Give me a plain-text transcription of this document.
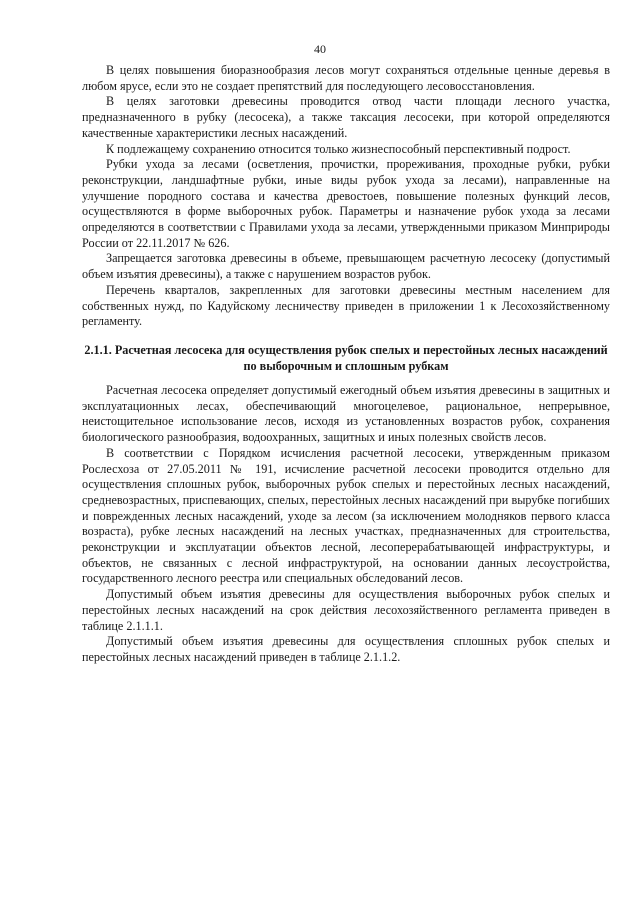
40

В целях повышения биоразнообразия лесов могут сохраняться отдельные ценные деревья в любом ярусе, если это не создает препятствий для последующего лесовосстановления.

В целях заготовки древесины проводится отвод части площади лесного участка, предназначенного в рубку (лесосека), а также таксация лесосеки, при которой определяются качественные характеристики лесных насаждений.

К подлежащему сохранению относится только жизнеспособный перспективный подрост.

Рубки ухода за лесами (осветления, прочистки, прореживания, проходные рубки, рубки реконструкции, ландшафтные рубки, иные виды рубок ухода за лесами), направленные на улучшение породного состава и качества древостоев, повышение полезных функций лесов, осуществляются в форме выборочных рубок. Параметры и назначение рубок ухода за лесами определяются в соответствии с Правилами ухода за лесами, утвержденными приказом Минприроды России от 22.11.2017 № 626.

Запрещается заготовка древесины в объеме, превышающем расчетную лесосеку (допустимый объем изъятия древесины), а также с нарушением возрастов рубок.

Перечень кварталов, закрепленных для заготовки древесины местным населением для собственных нужд, по Кадуйскому лесничеству приведен в приложении 1 к Лесохозяйственному регламенту.

2.1.1. Расчетная лесосека для осуществления рубок спелых и перестойных лесных насаждений по выборочным и сплошным рубкам

Расчетная лесосека определяет допустимый ежегодный объем изъятия древесины в защитных и эксплуатационных лесах, обеспечивающий многоцелевое, рациональное, непрерывное, неистощительное использование лесов, исходя из установленных возрастов рубок, сохранения биологического разнообразия, водоохранных, защитных и иных полезных свойств лесов.

В соответствии с Порядком исчисления расчетной лесосеки, утвержденным приказом Рослесхоза от 27.05.2011 № 191, исчисление расчетной лесосеки проводится отдельно для осуществления сплошных рубок, выборочных рубок спелых и перестойных лесных насаждений, средневозрастных, приспевающих, спелых, перестойных лесных насаждений при вырубке погибших и поврежденных лесных насаждений, уходе за лесом (за исключением молодняков первого класса возраста), рубке лесных насаждений на лесных участках, предназначенных для строительства, реконструкции и эксплуатации объектов лесной, лесоперерабатывающей инфраструктуры, и объектов, не связанных с лесной инфраструктурой, на основании данных лесоустройства, государственного лесного реестра или специальных обследований лесов.

Допустимый объем изъятия древесины для осуществления выборочных рубок спелых и перестойных лесных насаждений на срок действия лесохозяйственного регламента приведен в таблице 2.1.1.1.

Допустимый объем изъятия древесины для осуществления сплошных рубок спелых и перестойных лесных насаждений приведен в таблице 2.1.1.2.
